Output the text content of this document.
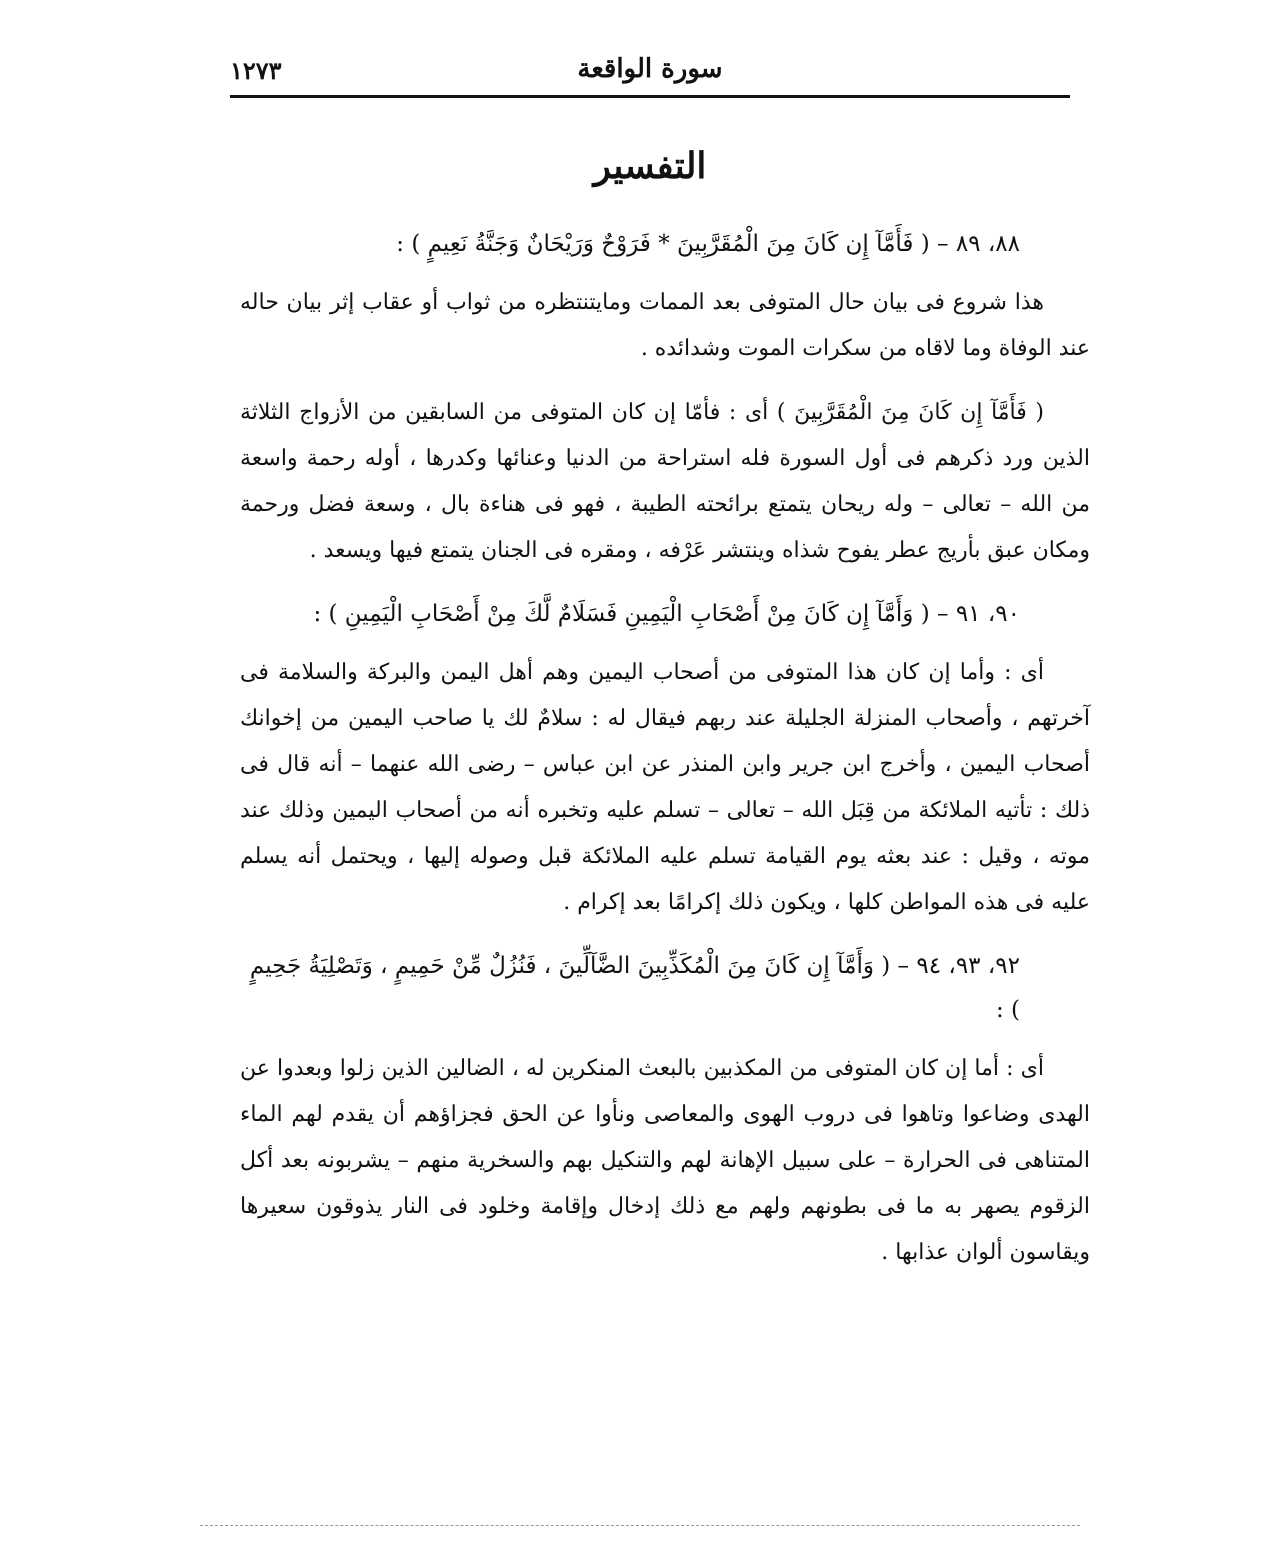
سورة الواقعة
١٢٧٣
التفسير
٨٨، ٨٩ – ( فَأَمَّآ إِن كَانَ مِنَ الْمُقَرَّبِينَ * فَرَوْحٌ وَرَيْحَانٌ وَجَنَّةُ نَعِيمٍ ) :

هذا شروع فى بيان حال المتوفى بعد الممات ومايتنتظره من ثواب أو عقاب إثر بيان حاله عند الوفاة وما لاقاه من سكرات الموت وشدائده .

( فَأَمَّآ إِن كَانَ مِنَ الْمُقَرَّبِينَ ) أى : فأمّا إن كان المتوفى من السابقين من الأزواج الثلاثة الذين ورد ذكرهم فى أول السورة فله استراحة من الدنيا وعنائها وكدرها ، أوله رحمة واسعة من الله – تعالى – وله ريحان يتمتع برائحته الطيبة ، فهو فى هناءة بال ، وسعة فضل ورحمة ومكان عبق بأريج عطر يفوح شذاه وينتشر عَرْفه ، ومقره فى الجنان يتمتع فيها ويسعد .

٩٠، ٩١ – ( وَأَمَّآ إِن كَانَ مِنْ أَصْحَابِ الْيَمِينِ فَسَلَامٌ لَّكَ مِنْ أَصْحَابِ الْيَمِينِ ) :

أى : وأما إن كان هذا المتوفى من أصحاب اليمين وهم أهل اليمن والبركة والسلامة فى آخرتهم ، وأصحاب المنزلة الجليلة عند ربهم فيقال له : سلامٌ لك يا صاحب اليمين من إخوانك أصحاب اليمين ، وأخرج ابن جرير وابن المنذر عن ابن عباس – رضى الله عنهما – أنه قال فى ذلك : تأتيه الملائكة من قِبَل الله – تعالى – تسلم عليه وتخبره أنه من أصحاب اليمين وذلك عند موته ، وقيل : عند بعثه يوم القيامة تسلم عليه الملائكة قبل وصوله إليها ، ويحتمل أنه يسلم عليه فى هذه المواطن كلها ، ويكون ذلك إكرامًا بعد إكرام .

٩٢، ٩٣، ٩٤ – ( وَأَمَّآ إِن كَانَ مِنَ الْمُكَذِّبِينَ الضَّآلِّينَ ، فَنُزُلٌ مِّنْ حَمِيمٍ ، وَتَصْلِيَةُ جَحِيمٍ ) :

أى : أما إن كان المتوفى من المكذبين بالبعث المنكرين له ، الضالين الذين زلوا وبعدوا عن الهدى وضاعوا وتاهوا فى دروب الهوى والمعاصى ونأوا عن الحق فجزاؤهم أن يقدم لهم الماء المتناهى فى الحرارة – على سبيل الإهانة لهم والتنكيل بهم والسخرية منهم – يشربونه بعد أكل الزقوم يصهر به ما فى بطونهم ولهم مع ذلك إدخال وإقامة وخلود فى النار يذوقون سعيرها ويقاسون ألوان عذابها .
